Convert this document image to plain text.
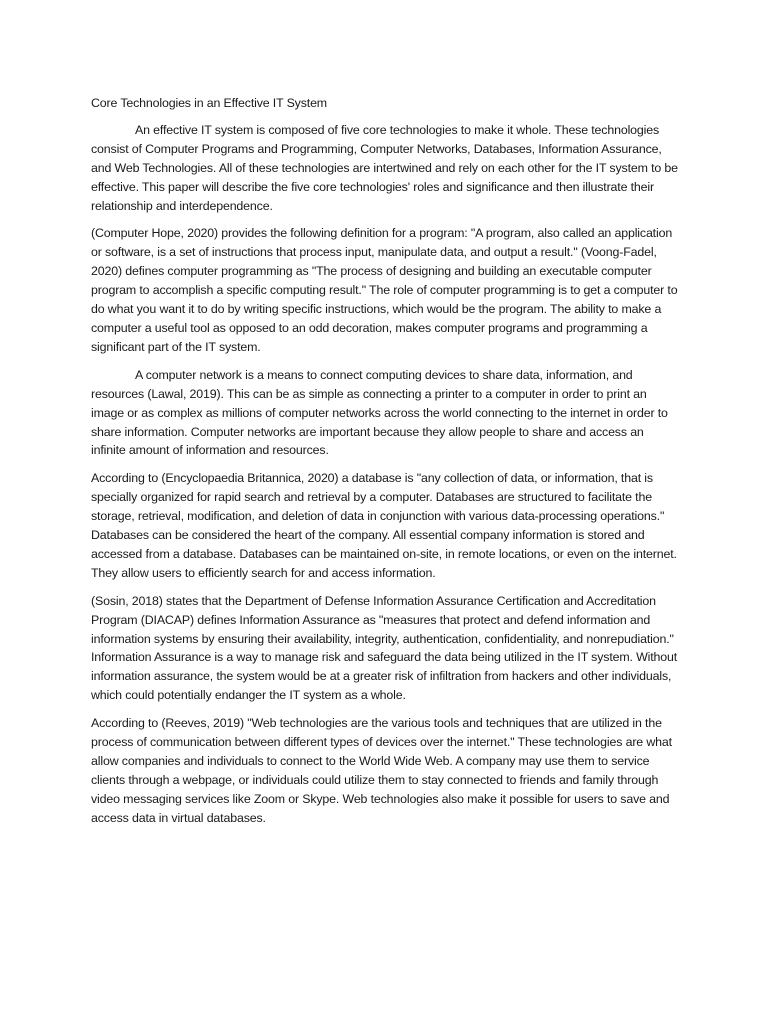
Core Technologies in an Effective IT System

An effective IT system is composed of five core technologies to make it whole. These technologies consist of Computer Programs and Programming, Computer Networks, Databases, Information Assurance, and Web Technologies. All of these technologies are intertwined and rely on each other for the IT system to be effective. This paper will describe the five core technologies' roles and significance and then illustrate their relationship and interdependence.

(Computer Hope, 2020) provides the following definition for a program: "A program, also called an application or software, is a set of instructions that process input, manipulate data, and output a result." (Voong-Fadel, 2020) defines computer programming as "The process of designing and building an executable computer program to accomplish a specific computing result." The role of computer programming is to get a computer to do what you want it to do by writing specific instructions, which would be the program. The ability to make a computer a useful tool as opposed to an odd decoration, makes computer programs and programming a significant part of the IT system.

A computer network is a means to connect computing devices to share data, information, and resources (Lawal, 2019). This can be as simple as connecting a printer to a computer in order to print an image or as complex as millions of computer networks across the world connecting to the internet in order to share information. Computer networks are important because they allow people to share and access an infinite amount of information and resources.

According to (Encyclopaedia Britannica, 2020) a database is "any collection of data, or information, that is specially organized for rapid search and retrieval by a computer. Databases are structured to facilitate the storage, retrieval, modification, and deletion of data in conjunction with various data-processing operations." Databases can be considered the heart of the company. All essential company information is stored and accessed from a database. Databases can be maintained on-site, in remote locations, or even on the internet. They allow users to efficiently search for and access information.

(Sosin, 2018) states that the Department of Defense Information Assurance Certification and Accreditation Program (DIACAP) defines Information Assurance as "measures that protect and defend information and information systems by ensuring their availability, integrity, authentication, confidentiality, and nonrepudiation." Information Assurance is a way to manage risk and safeguard the data being utilized in the IT system. Without information assurance, the system would be at a greater risk of infiltration from hackers and other individuals, which could potentially endanger the IT system as a whole.

According to (Reeves, 2019) "Web technologies are the various tools and techniques that are utilized in the process of communication between different types of devices over the internet." These technologies are what allow companies and individuals to connect to the World Wide Web. A company may use them to service clients through a webpage, or individuals could utilize them to stay connected to friends and family through video messaging services like Zoom or Skype. Web technologies also make it possible for users to save and access data in virtual databases.
